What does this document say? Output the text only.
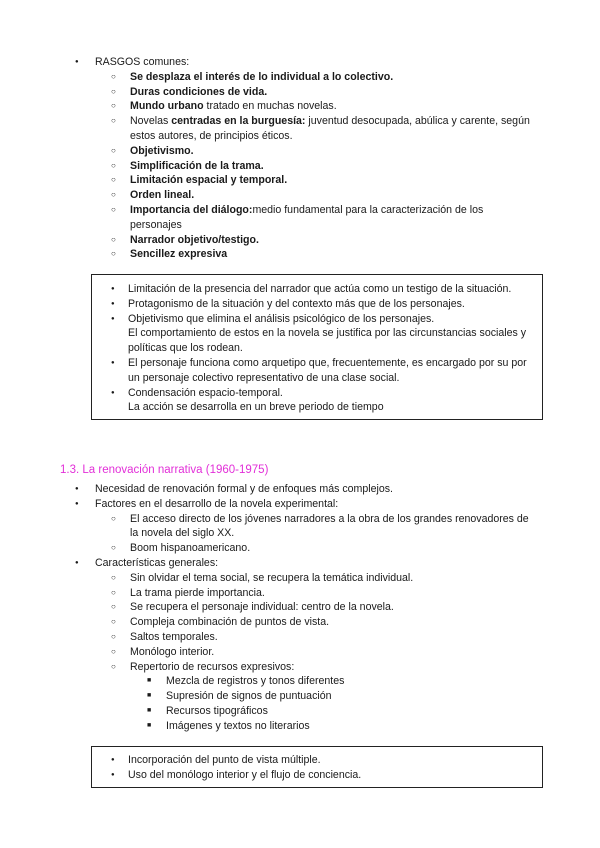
● RASGOS comunes:
○ Se desplaza el interés de lo individual a lo colectivo.
○ Duras condiciones de vida.
○ Mundo urbano tratado en muchas novelas.
○ Novelas centradas en la burguesía: juventud desocupada, abúlica y carente, según estos autores, de principios éticos.
○ Objetivismo.
○ Simplificación de la trama.
○ Limitación espacial y temporal.
○ Orden lineal.
○ Importancia del diálogo:medio fundamental para la caracterización de los personajes
○ Narrador objetivo/testigo.
○ Sencillez expresiva
● Limitación de la presencia del narrador que actúa como un testigo de la situación.
● Protagonismo de la situación y del contexto más que de los personajes.
● Objetivismo que elimina el análisis psicológico de los personajes.
El comportamiento de estos en la novela se justifica por las circunstancias sociales y políticas que los rodean.
● El personaje funciona como arquetipo que, frecuentemente, es encargado por su por un personaje colectivo representativo de una clase social.
● Condensación espacio-temporal.
La acción se desarrolla en un breve periodo de tiempo
1.3. La renovación narrativa (1960-1975)
● Necesidad de renovación formal y de enfoques más complejos.
● Factores en el desarrollo de la novela experimental:
○ El acceso directo de los jóvenes narradores a la obra de los grandes renovadores de la novela del siglo XX.
○ Boom hispanoamericano.
● Características generales:
○ Sin olvidar el tema social, se recupera la temática individual.
○ La trama pierde importancia.
○ Se recupera el personaje individual: centro de la novela.
○ Compleja combinación de puntos de vista.
○ Saltos temporales.
○ Monólogo interior.
○ Repertorio de recursos expresivos:
■ Mezcla de registros y tonos diferentes
■ Supresión de signos de puntuación
■ Recursos tipográficos
■ Imágenes y textos no literarios
● Incorporación del punto de vista múltiple.
● Uso del monólogo interior y el flujo de conciencia.
